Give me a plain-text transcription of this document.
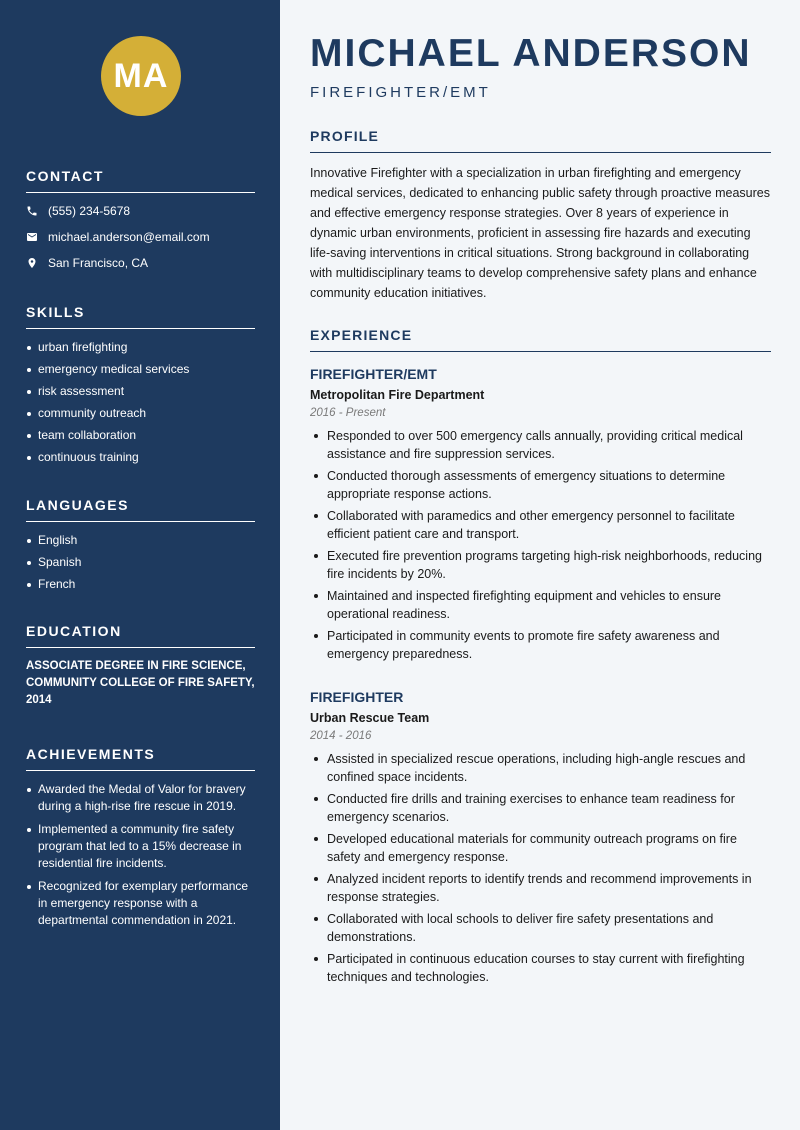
MA
CONTACT
(555) 234-5678
michael.anderson@email.com
San Francisco, CA
SKILLS
urban firefighting
emergency medical services
risk assessment
community outreach
team collaboration
continuous training
LANGUAGES
English
Spanish
French
EDUCATION
ASSOCIATE DEGREE IN FIRE SCIENCE, COMMUNITY COLLEGE OF FIRE SAFETY, 2014
ACHIEVEMENTS
Awarded the Medal of Valor for bravery during a high-rise fire rescue in 2019.
Implemented a community fire safety program that led to a 15% decrease in residential fire incidents.
Recognized for exemplary performance in emergency response with a departmental commendation in 2021.
MICHAEL ANDERSON
FIREFIGHTER/EMT
PROFILE
Innovative Firefighter with a specialization in urban firefighting and emergency medical services, dedicated to enhancing public safety through proactive measures and effective emergency response strategies. Over 8 years of experience in dynamic urban environments, proficient in assessing fire hazards and executing life-saving interventions in critical situations. Strong background in collaborating with multidisciplinary teams to develop comprehensive safety plans and enhance community education initiatives.
EXPERIENCE
FIREFIGHTER/EMT
Metropolitan Fire Department
2016 - Present
Responded to over 500 emergency calls annually, providing critical medical assistance and fire suppression services.
Conducted thorough assessments of emergency situations to determine appropriate response actions.
Collaborated with paramedics and other emergency personnel to facilitate efficient patient care and transport.
Executed fire prevention programs targeting high-risk neighborhoods, reducing fire incidents by 20%.
Maintained and inspected firefighting equipment and vehicles to ensure operational readiness.
Participated in community events to promote fire safety awareness and emergency preparedness.
FIREFIGHTER
Urban Rescue Team
2014 - 2016
Assisted in specialized rescue operations, including high-angle rescues and confined space incidents.
Conducted fire drills and training exercises to enhance team readiness for emergency scenarios.
Developed educational materials for community outreach programs on fire safety and emergency response.
Analyzed incident reports to identify trends and recommend improvements in response strategies.
Collaborated with local schools to deliver fire safety presentations and demonstrations.
Participated in continuous education courses to stay current with firefighting techniques and technologies.
